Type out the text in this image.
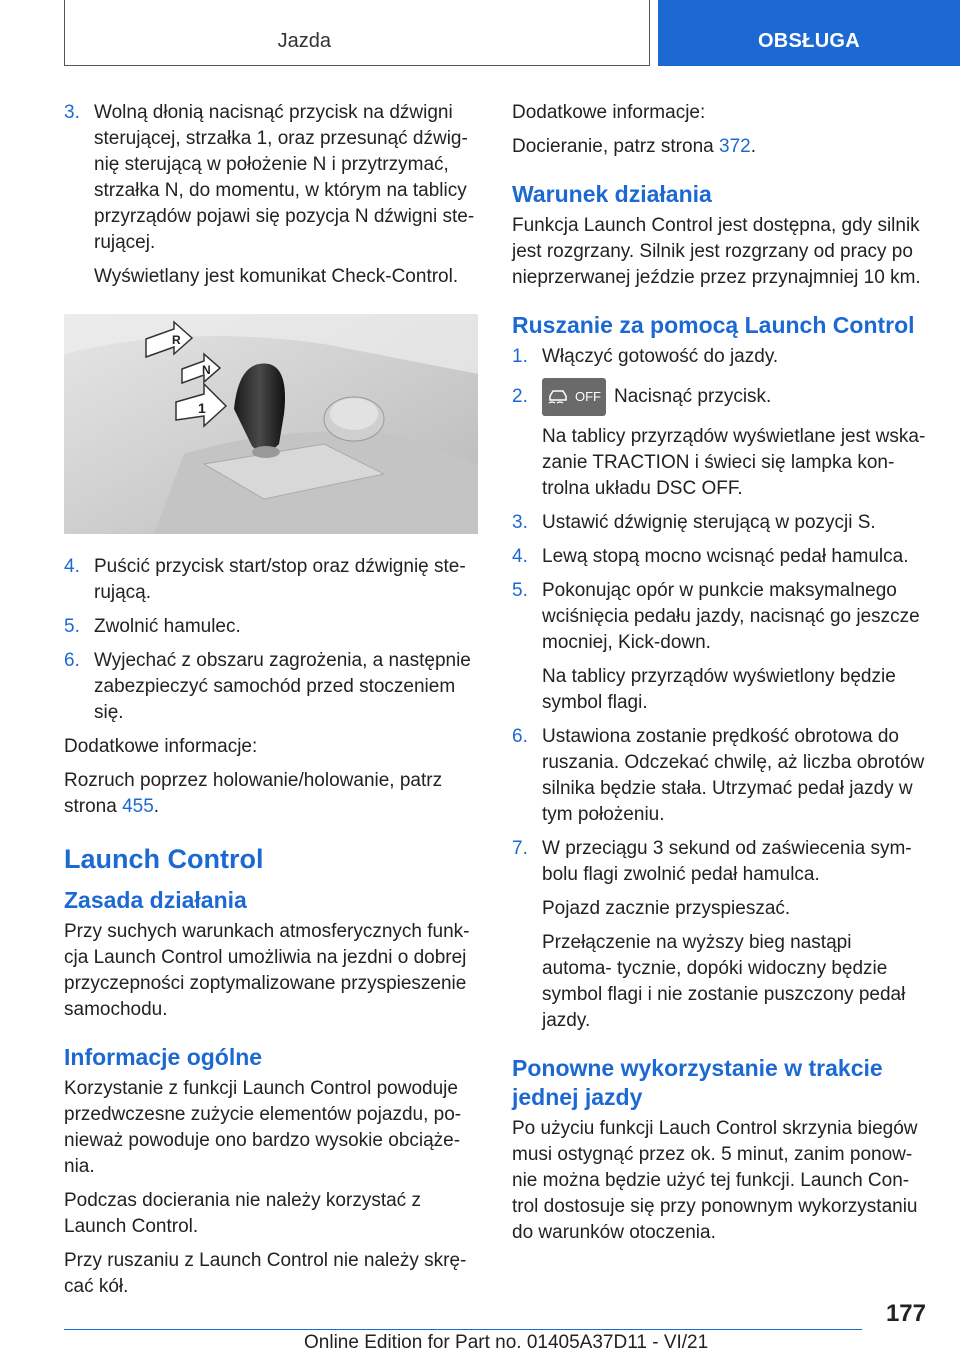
Jazda	OBSŁUGA
3. Wolną dłonią nacisnąć przycisk na dźwigni sterującej, strzałka 1, oraz przesunąć dźwig- nię sterującą w położenie N i przytrzymać, strzałka N, do momentu, w którym na tablicy przyrządów pojawi się pozycja N dźwigni ste- rującej.
Wyświetlany jest komunikat Check-Control.
R
N
1
4. Puścić przycisk start/stop oraz dźwignię ste- rującą.
5. Zwolnić hamulec.
6. Wyjechać z obszaru zagrożenia, a następnie zabezpieczyć samochód przed stoczeniem się.

Dodatkowe informacje:

Rozruch poprzez holowanie/holowanie, patrz strona 455.

Launch Control
Zasada działania

Przy suchych warunkach atmosferycznych funk- cja Launch Control umożliwia na jezdni o dobrej przyczepności zoptymalizowane przyspieszenie samochodu.

Informacje ogólne

Korzystanie z funkcji Launch Control powoduje przedwczesne zużycie elementów pojazdu, po- nieważ powoduje ono bardzo wysokie obciąże- nia.

Podczas docierania nie należy korzystać z Launch Control.

Przy ruszaniu z Launch Control nie należy skrę- cać kół.

Dodatkowe informacje:

Docieranie, patrz strona 372.

Warunek działania

Funkcja Launch Control jest dostępna, gdy silnik jest rozgrzany. Silnik jest rozgrzany od pracy po nieprzerwanej jeździe przez przynajmniej 10 km.

Ruszanie za pomocą Launch Control
1. Włączyć gotowość do jazdy.
2.	OFF Nacisnąć przycisk.
Na tablicy przyrządów wyświetlane jest wska- zanie TRACTION i świeci się lampka kon- trolna układu DSC OFF.
3. Ustawić dźwignię sterującą w pozycji S.
4. Lewą stopą mocno wcisnąć pedał hamulca.
5. Pokonując opór w punkcie maksymalnego wciśnięcia pedału jazdy, nacisnąć go jeszcze mocniej, Kick-down.
Na tablicy przyrządów wyświetlony będzie symbol flagi.
6. Ustawiona zostanie prędkość obrotowa do ruszania. Odczekać chwilę, aż liczba obrotów silnika będzie stała. Utrzymać pedał jazdy w tym położeniu.
7. W przeciągu 3 sekund od zaświecenia sym- bolu flagi zwolnić pedał hamulca.
Pojazd zacznie przyspieszać.
Przełączenie na wyższy bieg nastąpi automa- tycznie, dopóki widoczny będzie symbol flagi i nie zostanie puszczony pedał jazdy.
Ponowne wykorzystanie w trakcie jednej jazdy

Po użyciu funkcji Lauch Control skrzynia biegów musi ostygnąć przez ok. 5 minut, zanim ponow- nie można będzie użyć tej funkcji. Launch Con- trol dostosuje się przy ponownym wykorzystaniu do warunków otoczenia.

177
Online Edition for Part no. 01405A37D11 - VI/21
